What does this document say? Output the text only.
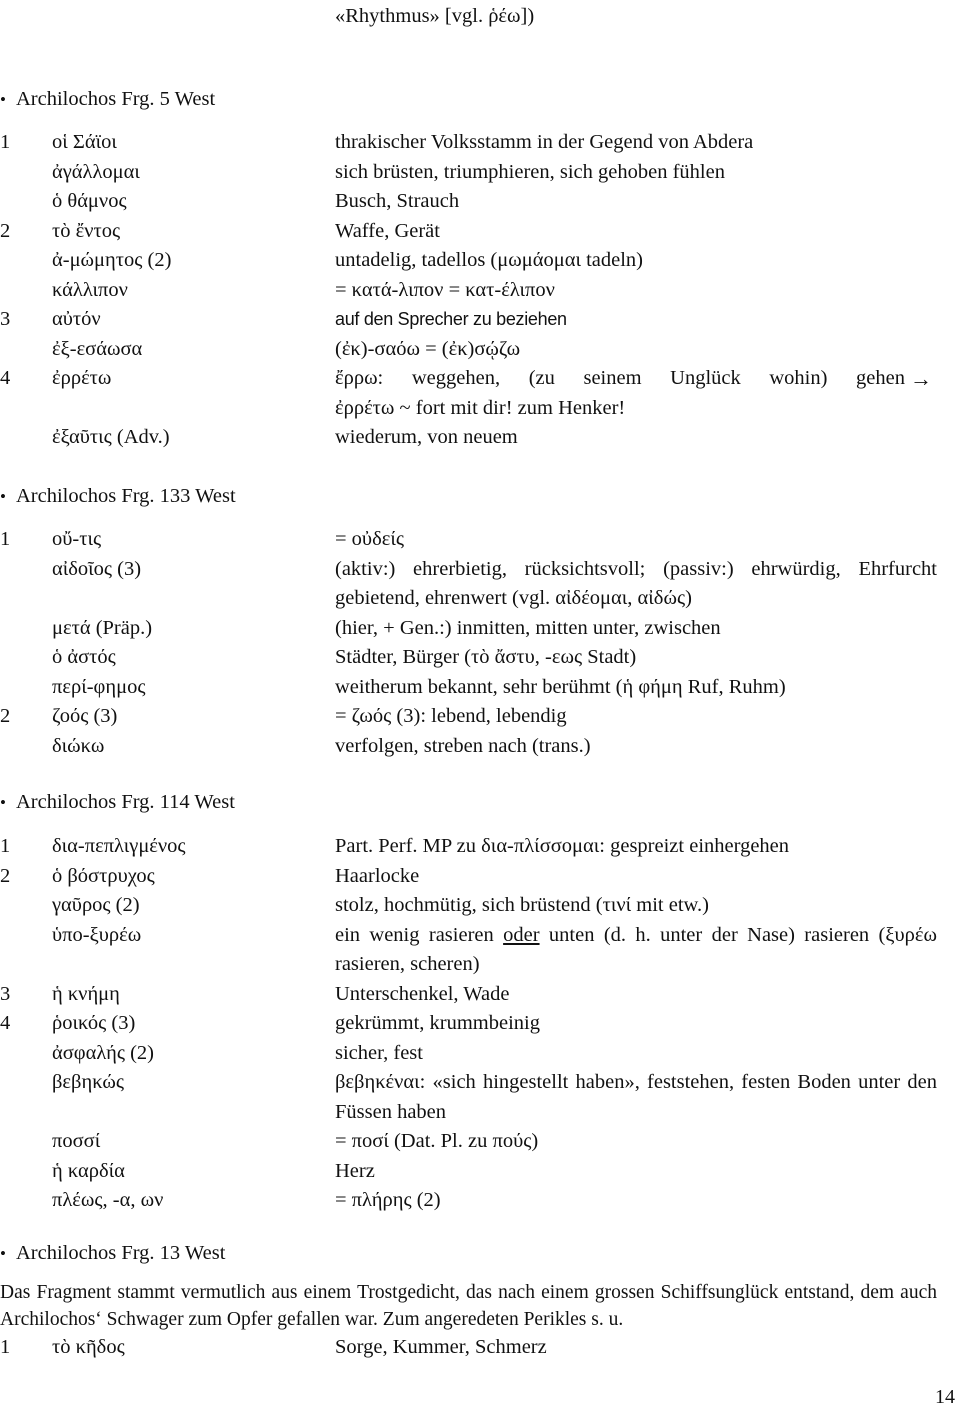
«Rhythmus» [vgl. ῥέω])
• Archilochos Frg. 5 West
1	οἱ Σάϊοι	thrakischer Volksstamm in der Gegend von Abdera
ἀγάλλομαι	sich brüsten, triumphieren, sich gehoben fühlen
ὁ θάμνος	Busch, Strauch
2	τὸ ἔντος	Waffe, Gerät
ἀ-μώμητος (2)	untadelig, tadellos (μωμάομαι tadeln)
κάλλιπον	= κατά-λιπον = κατ-έλιπον
3	αὐτόν	auf den Sprecher zu beziehen
ἐξ-εσάωσα	(ἐκ)-σαόω = (ἐκ)σῴζω
4	ἐρρέτω	ἔρρω: weggehen, (zu seinem Unglück wohin) gehen →
ἐρρέτω ~ fort mit dir! zum Henker!
ἐξαῦτις (Adv.)	wiederum, von neuem
• Archilochos Frg. 133 West
1	οὔ-τις	= οὐδείς
αἰδοῖος (3)	(aktiv:) ehrerbietig, rücksichtsvoll; (passiv:) ehrwürdig, Ehrfurcht gebietend, ehrenwert (vgl. αἰδέομαι, αἰδώς)
μετά (Präp.)	(hier, + Gen.:) inmitten, mitten unter, zwischen
ὁ ἀστός	Städter, Bürger (τὸ ἄστυ, -εως Stadt)
περί-φημος	weitherum bekannt, sehr berühmt (ἡ φήμη Ruf, Ruhm)
2	ζοός (3)	= ζωός (3): lebend, lebendig
διώκω	verfolgen, streben nach (trans.)
• Archilochos Frg. 114 West
1	δια-πεπλιγμένος	Part. Perf. MP zu δια-πλίσσομαι: gespreizt einhergehen
2	ὁ βόστρυχος	Haarlocke
γαῦρος (2)	stolz, hochmütig, sich brüstend (τινί mit etw.)
ὑπο-ξυρέω	ein wenig rasieren oder unten (d. h. unter der Nase) rasieren (ξυρέω rasieren, scheren)
3	ἡ κνήμη	Unterschenkel, Wade
4	ῥοικός (3)	gekrümmt, krummbeinig
ἀσφαλής (2)	sicher, fest
βεβηκώς	βεβηκέναι: «sich hingestellt haben», feststehen, festen Boden unter den Füssen haben
ποσσί	= ποσί (Dat. Pl. zu πούς)
ἡ καρδία	Herz
πλέως, -α, ων	= πλήρης (2)
• Archilochos Frg. 13 West
Das Fragment stammt vermutlich aus einem Trostgedicht, das nach einem grossen Schiffsunglück entstand, dem auch Archilochos‘ Schwager zum Opfer gefallen war. Zum angeredeten Perikles s. u.
1	τὸ κῆδος	Sorge, Kummer, Schmerz
14
